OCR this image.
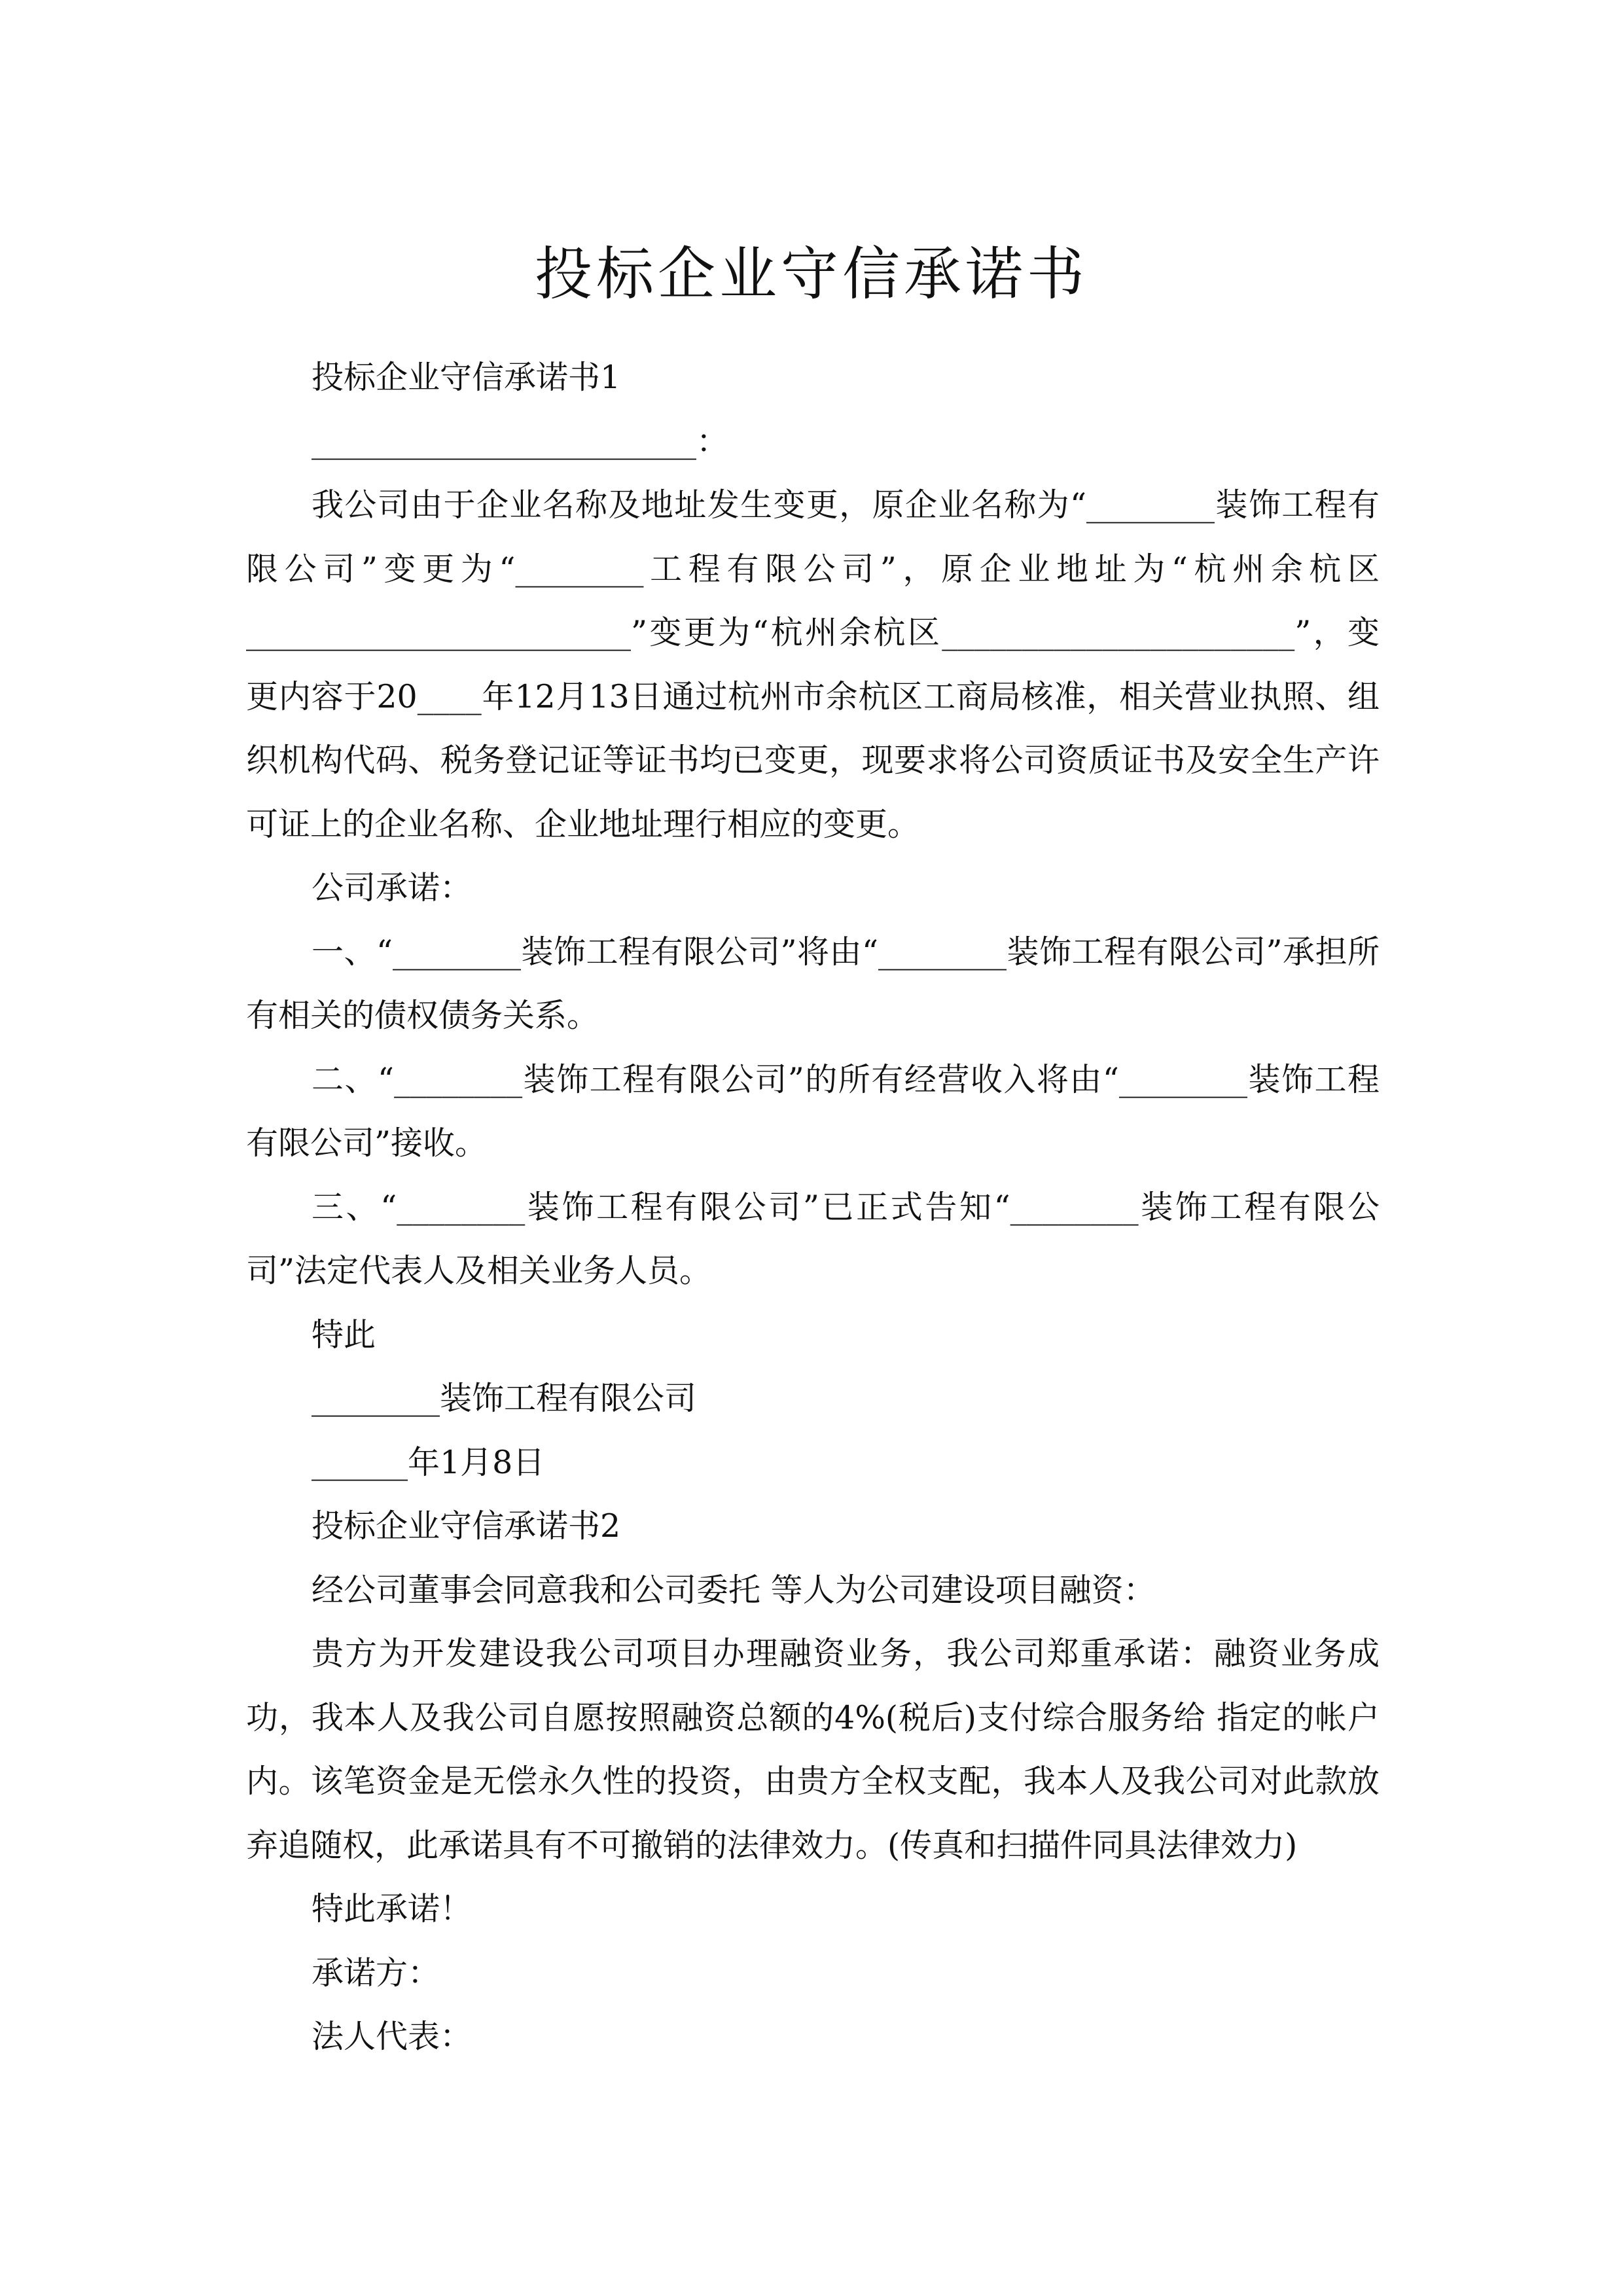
投标企业守信承诺书

投标企业守信承诺书1

________________________：

我公司由于企业名称及地址发生变更，原企业名称为“________装饰工程有限公司”变更为“________工程有限公司”，原企业地址为“杭州余杭区________________________”变更为“杭州余杭区______________________”，变更内容于20____年12月13日通过杭州市余杭区工商局核准，相关营业执照、组织机构代码、税务登记证等证书均已变更，现要求将公司资质证书及安全生产许可证上的企业名称、企业地址理行相应的变更。

公司承诺：

一、“________装饰工程有限公司”将由“________装饰工程有限公司”承担所有相关的债权债务关系。

二、“________装饰工程有限公司”的所有经营收入将由“________装饰工程有限公司”接收。

三、“________装饰工程有限公司”已正式告知“________装饰工程有限公司”法定代表人及相关业务人员。

特此

________装饰工程有限公司

______年1月8日

投标企业守信承诺书2

经公司董事会同意我和公司委托 等人为公司建设项目融资：

贵方为开发建设我公司项目办理融资业务，我公司郑重承诺：融资业务成功，我本人及我公司自愿按照融资总额的4%(税后)支付综合服务给 指定的帐户内。该笔资金是无偿永久性的投资，由贵方全权支配，我本人及我公司对此款放弃追随权，此承诺具有不可撤销的法律效力。(传真和扫描件同具法律效力)

特此承诺！

承诺方：

法人代表：
